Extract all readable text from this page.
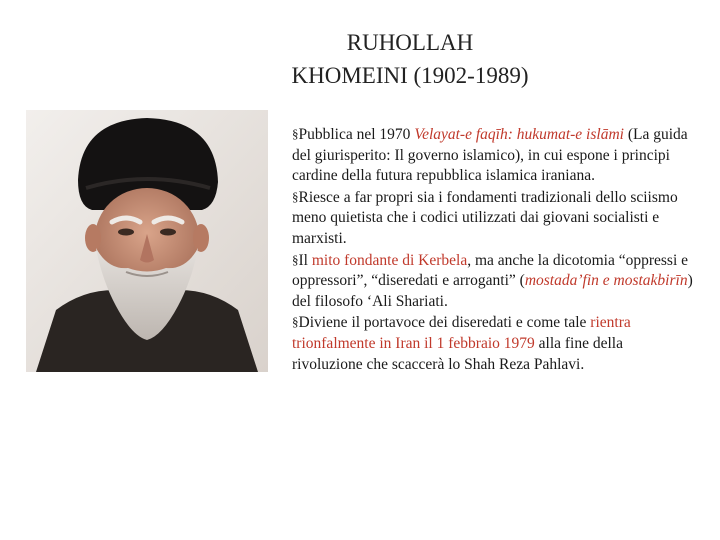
RUHOLLAH KHOMEINI (1902-1989)

§Pubblica nel 1970 Velayat-e faqīh: hukumat-e islāmi (La guida del giurisperito: Il governo islamico), in cui espone i principi cardine della futura repubblica islamica iraniana.

§Riesce a far propri sia i fondamenti tradizionali dello sciismo meno quietista che i codici utilizzati dai giovani socialisti e marxisti.

§Il mito fondante di Kerbela, ma anche la dicotomia “oppressi e oppressori”, “diseredati e arroganti” (mostada’fin e mostakbirīn) del filosofo ‘Ali Shariati.

§Diviene il portavoce dei diseredati e come tale rientra trionfalmente in Iran il 1 febbraio 1979 alla fine della rivoluzione che scaccerà lo Shah Reza Pahlavi.
